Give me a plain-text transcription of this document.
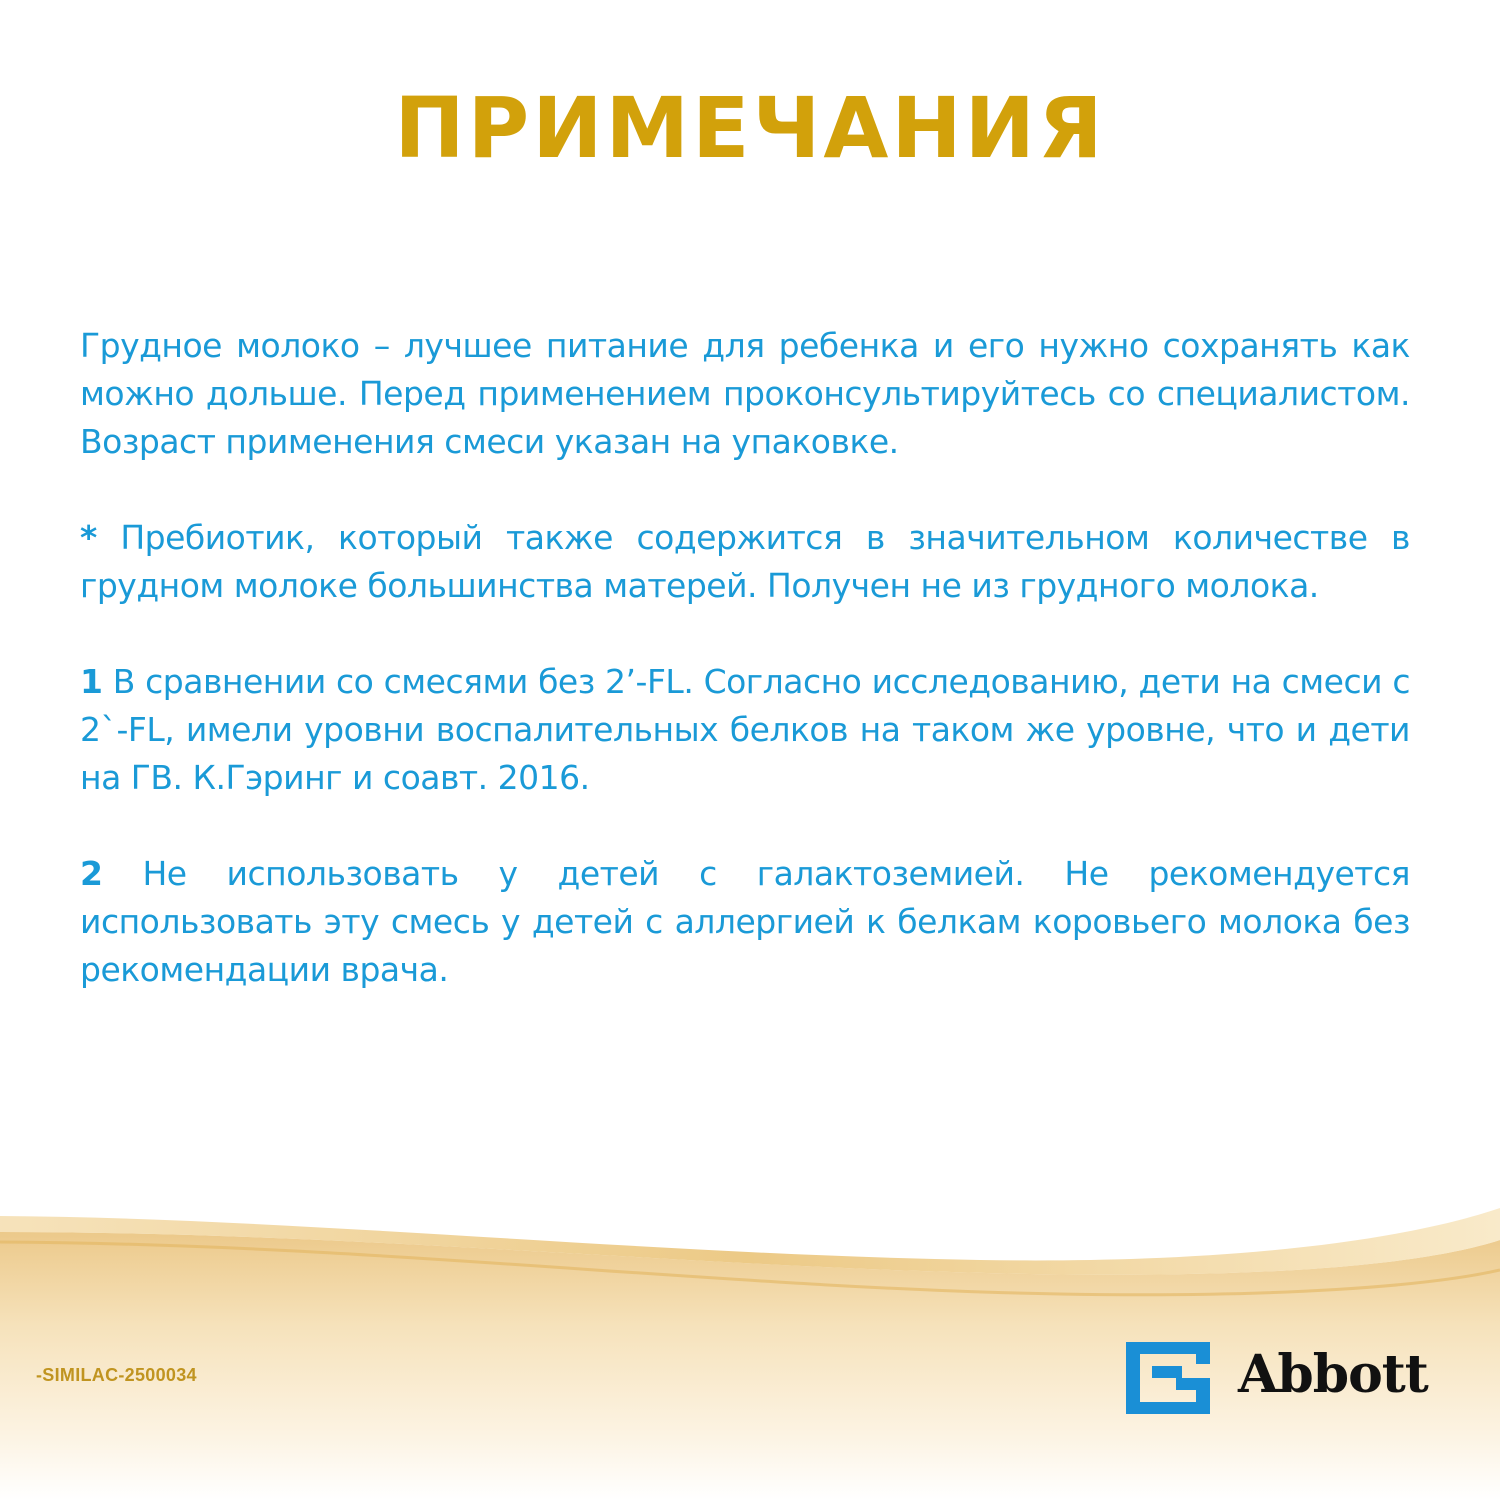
ПРИМЕЧАНИЯ

Грудное молоко – лучшее питание для ребенка и его нужно сохранять как можно дольше. Перед применением проконсультируйтесь со специалистом. Возраст применения смеси указан на упаковке.

* Пребиотик, который также содержится в значительном количестве в грудном молоке большинства матерей. Получен не из грудного молока.

1 В сравнении со смесями без 2’-FL. Согласно исследованию, дети на смеси с 2`-FL, имели уровни воспалительных белков на таком же уровне, что и дети на ГВ. К.Гэринг и соавт. 2016.

2 Не использовать у детей с галактоземией. Не рекомендуется использовать эту смесь у детей с аллергией к белкам коровьего молока без рекомендации врача.

-SIMILAC-2500034	Abbott
